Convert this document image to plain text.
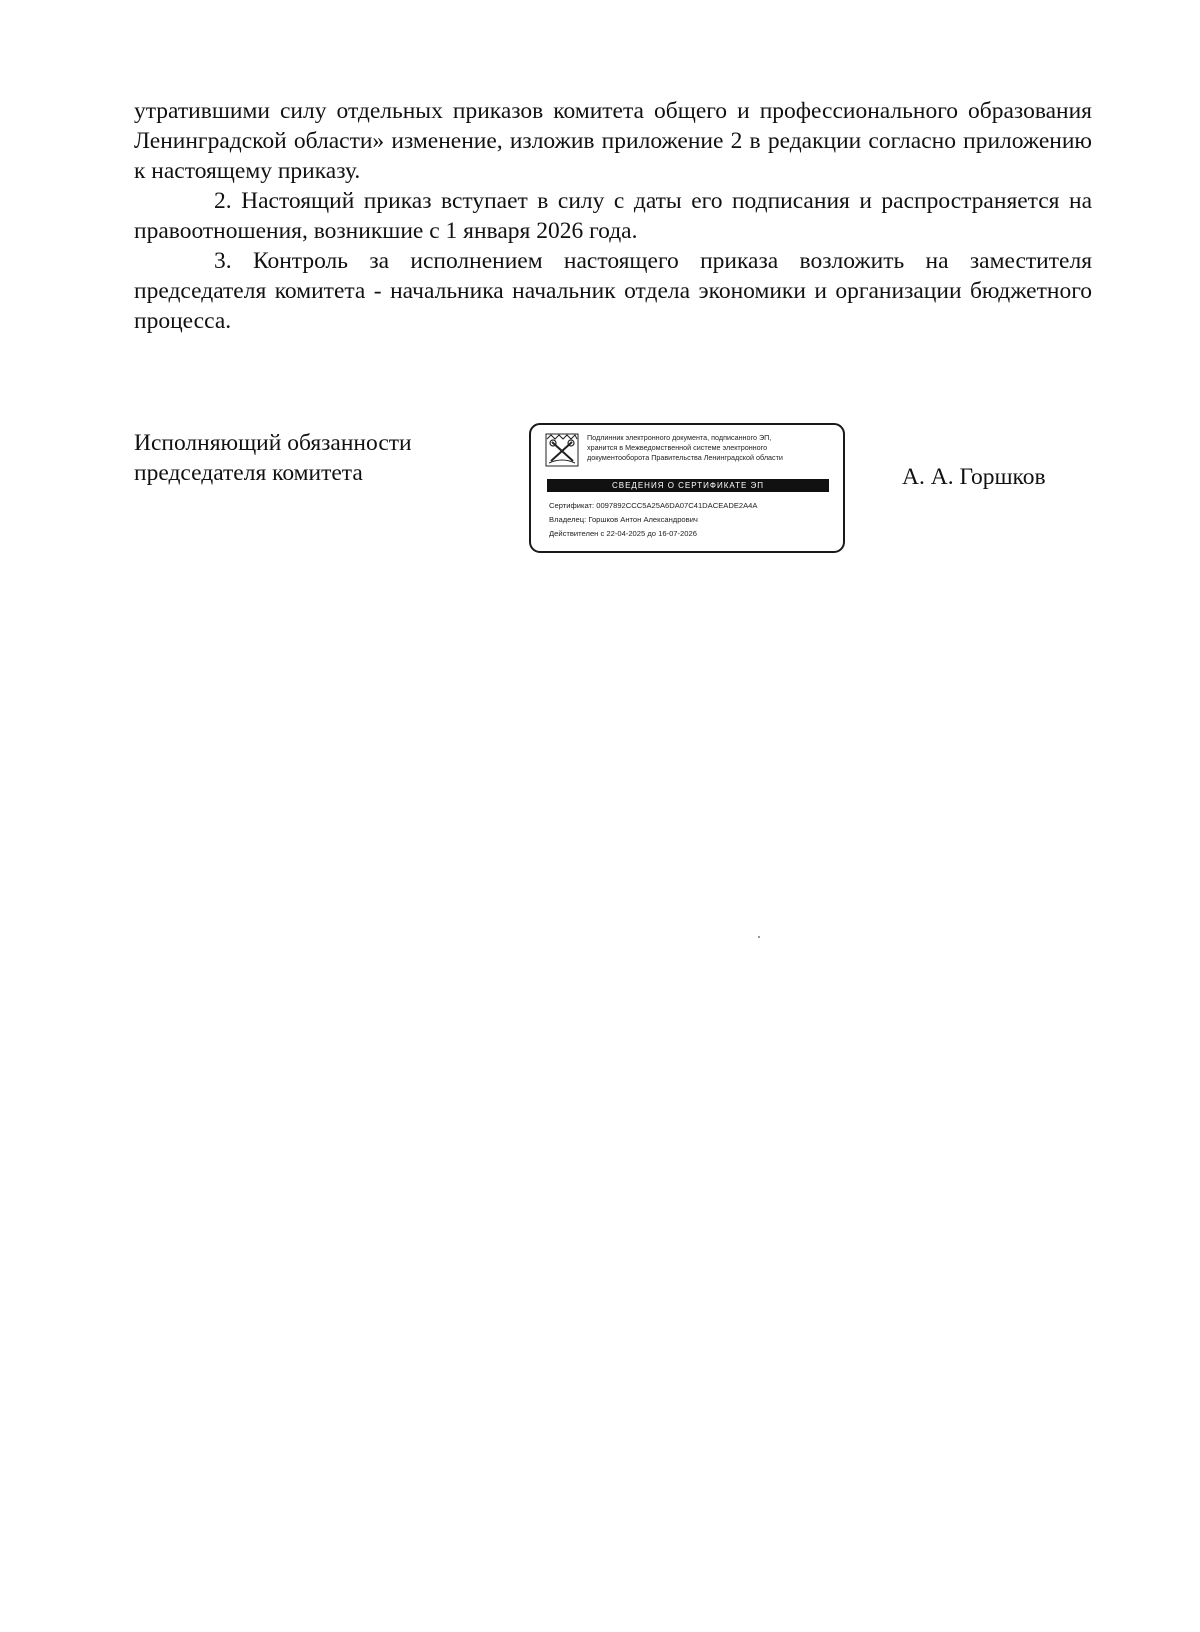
утратившими силу отдельных приказов комитета общего и профессионального образования Ленинградской области» изменение, изложив приложение 2 в редакции согласно приложению к настоящему приказу.

2. Настоящий приказ вступает в силу с даты его подписания и распространяется на правоотношения, возникшие с 1 января 2026 года.

3. Контроль за исполнением настоящего приказа возложить на заместителя председателя комитета - начальника начальник отдела экономики и организации бюджетного процесса.

Исполняющий обязанности
председателя комитета
Подлинник электронного документа, подписанного ЭП,
хранится в Межведомственной системе электронного
документооборота Правительства Ленинградской области
СВЕДЕНИЯ О СЕРТИФИКАТЕ ЭП
Сертификат: 0097892CCC5A25A6DA07C41DACEADE2A4A
Владелец: Горшков Антон Александрович
Действителен с 22-04-2025 до 16-07-2026
А. А. Горшков
